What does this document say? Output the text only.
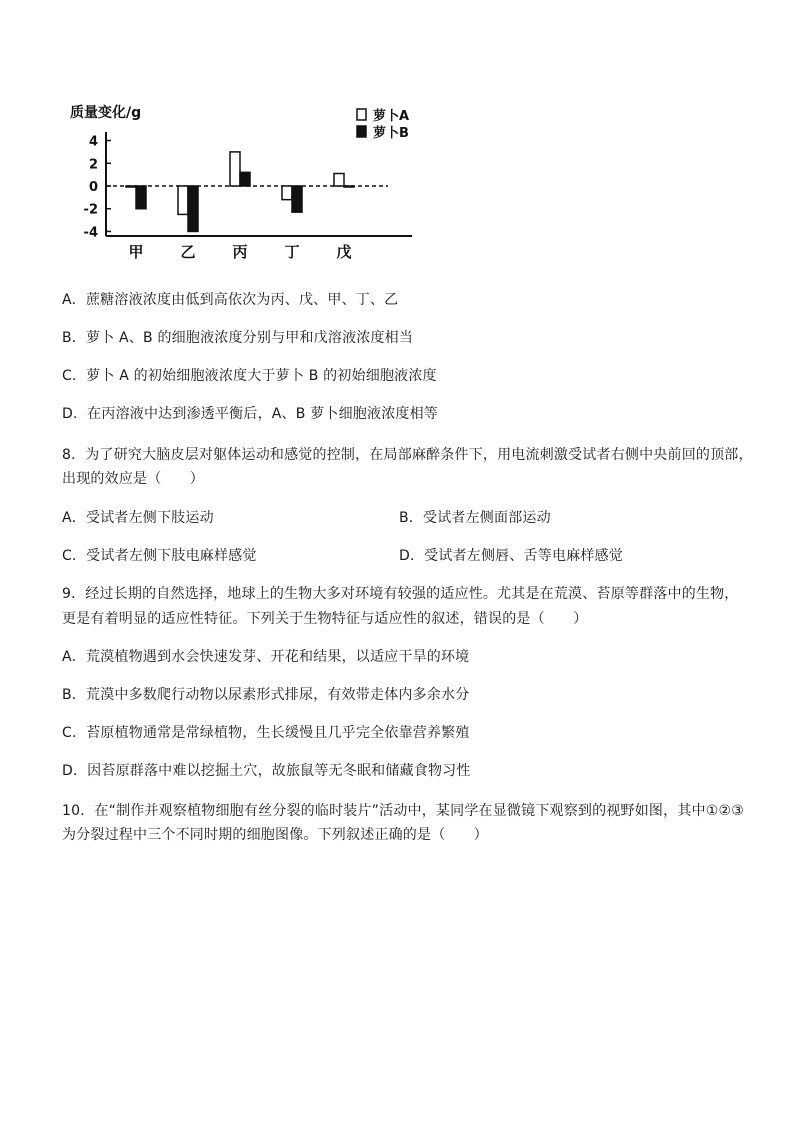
质量变化/g
4
2
0
-2
-4
甲 乙 丙 丁 戊
萝卜A
萝卜B
A．蔗糖溶液浓度由低到高依次为丙、戊、甲、丁、乙
B．萝卜 A、B 的细胞液浓度分别与甲和戊溶液浓度相当
C．萝卜 A 的初始细胞液浓度大于萝卜 B 的初始细胞液浓度
D．在丙溶液中达到渗透平衡后，A、B 萝卜细胞液浓度相等
8．为了研究大脑皮层对躯体运动和感觉的控制，在局部麻醉条件下，用电流刺激受试者右侧中央前回的顶部，
出现的效应是（　　）
A．受试者左侧下肢运动	B．受试者左侧面部运动
C．受试者左侧下肢电麻样感觉	D．受试者左侧唇、舌等电麻样感觉
9．经过长期的自然选择，地球上的生物大多对环境有较强的适应性。尤其是在荒漠、苔原等群落中的生物，
更是有着明显的适应性特征。下列关于生物特征与适应性的叙述，错误的是（　　）
A．荒漠植物遇到水会快速发芽、开花和结果，以适应干旱的环境
B．荒漠中多数爬行动物以尿素形式排尿，有效带走体内多余水分
C．苔原植物通常是常绿植物，生长缓慢且几乎完全依靠营养繁殖
D．因苔原群落中难以挖掘土穴，故旅鼠等无冬眠和储藏食物习性
10．在“制作并观察植物细胞有丝分裂的临时装片”活动中，某同学在显微镜下观察到的视野如图，其中①②③
为分裂过程中三个不同时期的细胞图像。下列叙述正确的是（　　）
